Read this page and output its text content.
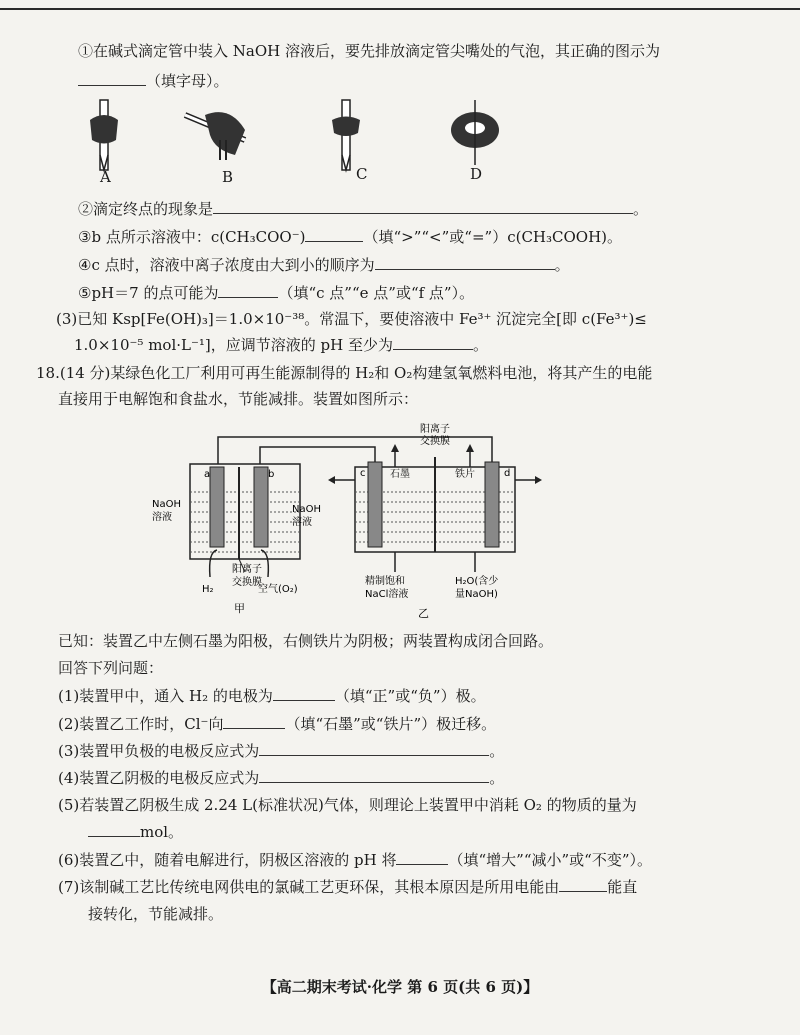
①在碱式滴定管中装入 NaOH 溶液后，要先排放滴定管尖嘴处的气泡，其正确的图示为
（填字母）。
A	B	C	D
②滴定终点的现象是	。
③b 点所示溶液中：c(CH₃COO⁻)	（填“>”“<”或“=”）c(CH₃COOH)。
④c 点时，溶液中离子浓度由大到小的顺序为	。
⑤pH＝7 的点可能为	（填“c 点”“e 点”或“f 点”）。
(3)已知 Ksp[Fe(OH)₃]＝1.0×10⁻³⁸。常温下，要使溶液中 Fe³⁺ 沉淀完全[即 c(Fe³⁺)≤
1.0×10⁻⁵ mol·L⁻¹]，应调节溶液的 pH 至少为	。
18.(14 分)某绿色化工厂利用可再生能源制得的 H₂和 O₂构建氢氧燃料电池，将其产生的电能
直接用于电解饱和食盐水，节能减排。装置如图所示：
a	b
NaOH
溶液
NaOH
溶液
阳离子
交换膜
H₂	空气(O₂)
甲
阳离子
交换膜
c	d
石墨	铁片
精制饱和
NaCl溶液
H₂O(含少
量NaOH)
乙
已知：装置乙中左侧石墨为阳极，右侧铁片为阴极；两装置构成闭合回路。
回答下列问题：
(1)装置甲中，通入 H₂ 的电极为	（填“正”或“负”）极。
(2)装置乙工作时，Cl⁻向	（填“石墨”或“铁片”）极迁移。
(3)装置甲负极的电极反应式为	。
(4)装置乙阴极的电极反应式为	。
(5)若装置乙阴极生成 2.24 L(标准状况)气体，则理论上装置甲中消耗 O₂ 的物质的量为
mol。
(6)装置乙中，随着电解进行，阴极区溶液的 pH 将	（填“增大”“减小”或“不变”）。
(7)该制碱工艺比传统电网供电的氯碱工艺更环保，其根本原因是所用电能由	能直
接转化，节能减排。
【高二期末考试·化学 第 6 页(共 6 页)】
